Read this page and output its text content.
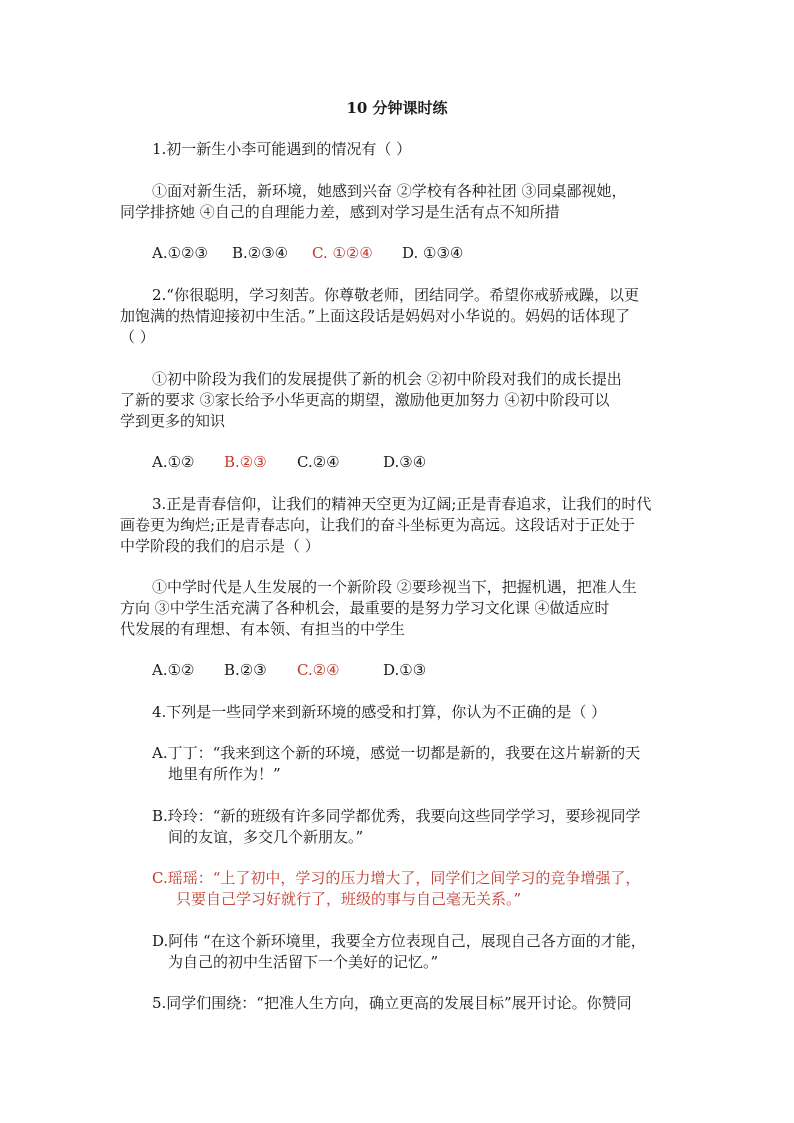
10 分钟课时练

1.初一新生小李可能遇到的情况有（ ）

①面对新生活，新环境，她感到兴奋 ②学校有各种社团 ③同桌鄙视她，

同学排挤她 ④自己的自理能力差，感到对学习是生活有点不知所措

A.①②③ B.②③④ C. ①②④ D. ①③④

2.“你很聪明，学习刻苦。你尊敬老师，团结同学。希望你戒骄戒躁，以更

加饱满的热情迎接初中生活。”上面这段话是妈妈对小华说的。妈妈的话体现了

（ ）

①初中阶段为我们的发展提供了新的机会 ②初中阶段对我们的成长提出

了新的要求 ③家长给予小华更高的期望，激励他更加努力 ④初中阶段可以

学到更多的知识

A.①② B.②③ C.②④	D.③④

3.正是青春信仰，让我们的精神天空更为辽阔;正是青春追求，让我们的时代

画卷更为绚烂;正是青春志向，让我们的奋斗坐标更为高远。这段话对于正处于

中学阶段的我们的启示是（ ）

①中学时代是人生发展的一个新阶段 ②要珍视当下，把握机遇，把准人生

方向 ③中学生活充满了各种机会，最重要的是努力学习文化课 ④做适应时

代发展的有理想、有本领、有担当的中学生

A.①② B.②③ C.②④	D.①③

4.下列是一些同学来到新环境的感受和打算，你认为不正确的是（ ）

A.丁丁：“我来到这个新的环境，感觉一切都是新的，我要在这片崭新的天

地里有所作为！”

B.玲玲：“新的班级有许多同学都优秀，我要向这些同学学习，要珍视同学

间的友谊，多交几个新朋友。”

C.瑶瑶：“上了初中，学习的压力增大了，同学们之间学习的竞争增强了，

只要自己学习好就行了，班级的事与自己毫无关系。”

D.阿伟 “在这个新环境里，我要全方位表现自己，展现自己各方面的才能，

为自己的初中生活留下一个美好的记忆。”

5.同学们围绕：“把准人生方向，确立更高的发展目标”展开讨论。你赞同
